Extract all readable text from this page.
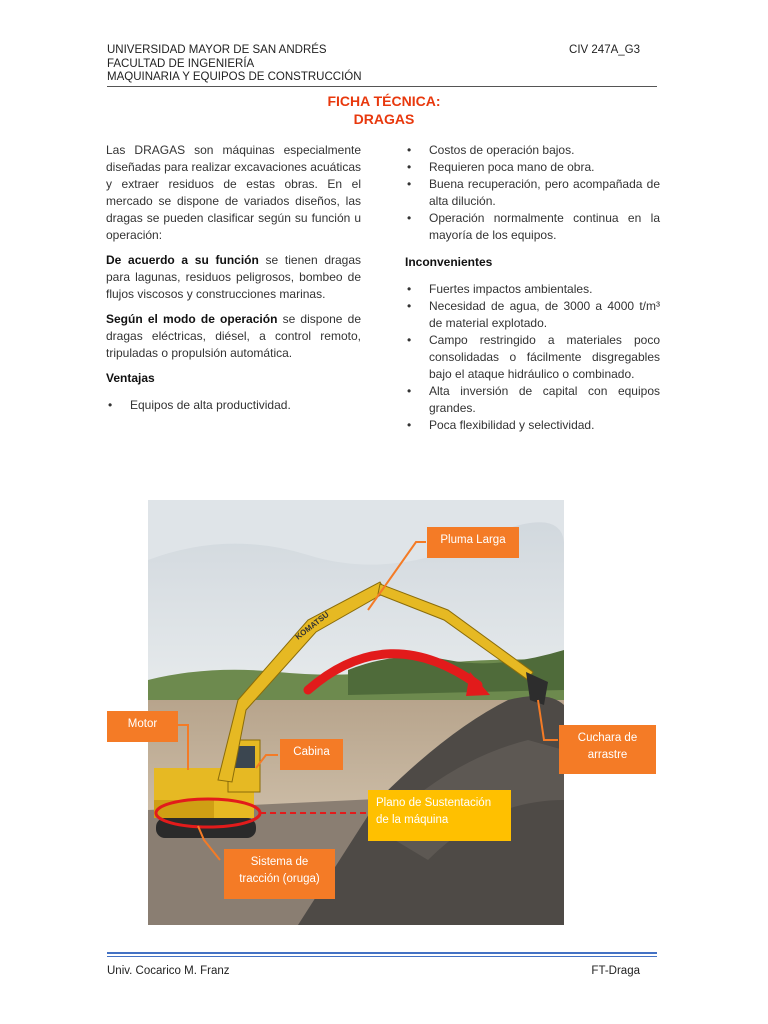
UNIVERSIDAD MAYOR DE SAN ANDRÉS
FACULTAD DE INGENIERÍA
MAQUINARIA Y EQUIPOS DE CONSTRUCCIÓN
CIV 247A_G3
FICHA TÉCNICA:
DRAGAS

Las DRAGAS son máquinas especialmente diseñadas para realizar excavaciones acuáticas y extraer residuos de estas obras. En el mercado se dispone de variados diseños, las dragas se pueden clasificar según su función u operación:

De acuerdo a su función se tienen dragas para lagunas, residuos peligrosos, bombeo de flujos viscosos y construcciones marinas.

Según el modo de operación se dispone de dragas eléctricas, diésel, a control remoto, tripuladas o propulsión automática.

Ventajas
• Equipos de alta productividad.
• Costos de operación bajos.
• Requieren poca mano de obra.
• Buena recuperación, pero acompañada de alta dilución.
• Operación normalmente continua en la mayoría de los equipos.
Inconvenientes
• Fuertes impactos ambientales.
• Necesidad de agua, de 3000 a 4000 t/m³ de material explotado.
• Campo restringido a materiales poco consolidadas o fácilmente disgregables bajo el ataque hidráulico o combinado.
• Alta inversión de capital con equipos grandes.
• Poca flexibilidad y selectividad.
KOMATSU
Pluma Larga
Motor
Cabina
Cuchara de arrastre
Plano de Sustentación de la máquina
Sistema de tracción (oruga)
Univ. Cocarico M. Franz	FT-Draga
